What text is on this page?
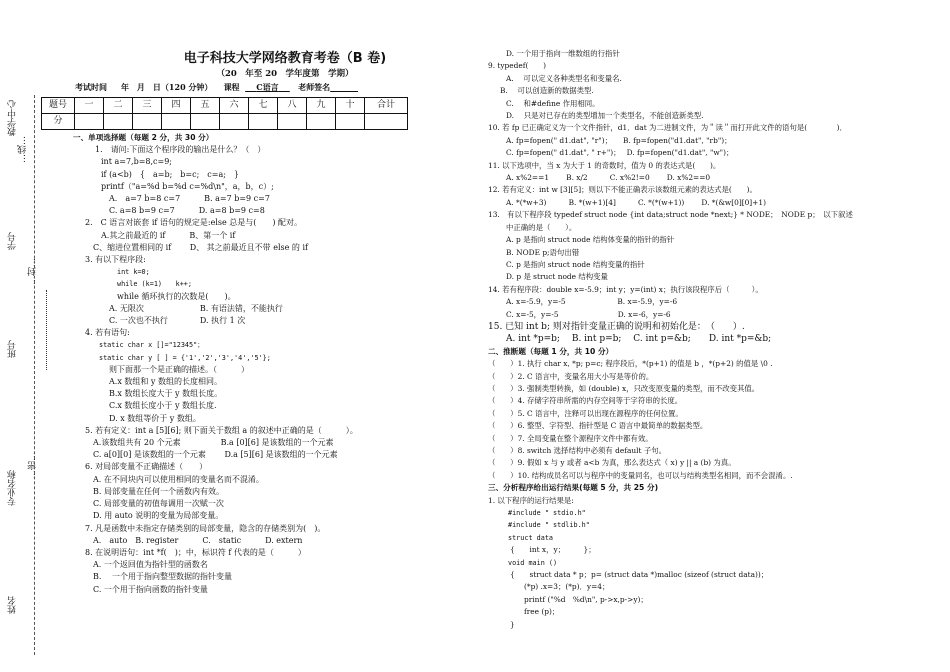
教学中心
…线…
学号
…封…
班号
…密…
专业名称
姓名
电子科技大学网络教育考卷（B 卷)
（20　年至 20　学年度第　学期）
考试时间 年　月　日（120 分钟） 课程 C语言 老师签名
题号	一	二	三	四	五	六	七	八	九	十	合计
分											
一、单项选择题（每题 2 分，共 30 分）
1.　请问:下面这个程序段的输出是什么？（　）
int a=7,b=8,c=9;
if (a<b)　{　a=b;　b=c;　c=a;　}
printf（"a=%d b=%d c=%d\n"，a，b，c）;
A． a=7 b=8 c=7　　　B. a=7 b=9 c=7
C. a=8 b=9 c=7　　　D. a=8 b=9 c=8
2.　C 语言对嵌套 if 语句的规定是:else 总是与(　　) 配对。
A.其之前最近的 if　　　B、第一个 if
C、缩进位置相同的 if　　 D、 其之前最近且不带 else 的 if
3. 有以下程序段:
int k=0;
while (k=1)　　k++;
while 循环执行的次数是(　　)。
A. 无限次　　　　　　　B. 有语法错，不能执行
C. 一次也不执行　　　　D. 执行 1 次
4. 若有语句:
static char x []="12345"；
static char y [ ] = {'1','2','3','4','5'};
则下面那一个是正确的描述。（　　　）
A.x 数组和 y 数组的长度相同。
B.x 数组长度大于 y 数组长度。
C.x 数组长度小于 y 数组长度.
D. x 数组等价于 y 数组。
5. 若有定义：int a [5][6]; 则下面关于数组 a 的叙述中正确的是（　　　）。
A.该数组共有 20 个元素　　　　　B.a [0][6] 是该数组的一个元素
C. a[0][0] 是该数组的一个元素　　 D.a [5][6] 是该数组的一个元素
6. 对局部变量不正确描述（　　）
A. 在不同块内可以使用相同的变量名而不混淆。
B. 局部变量在任何一个函数内有效。
C. 局部变量的初值每调用一次赋一次
D. 用 auto 说明的变量为局部变量。
7. 凡是函数中未指定存储类别的局部变量，隐含的存储类别为(　)。
A.　auto　B. register　　　C.　static　　　D. extern
8. 在说明语句：int *f(　)；中，标识符 f 代表的是（　　　）
A. 一个返回值为指针型的函数名
B.　 一个用于指向整型数据的指针变量
C. 一个用于指向函数的指针变量
D. 一个用于指向一维数组的行指针
9. typedef(　　)
A.　 可以定义各种类型名和变量名.
B.　 可以创造新的数据类型.
C.　 和#define 作用相同。
D.　 只是对已存在的类型增加一个类型名，不能创造新类型.
10. 若 fp 已正确定义为一个文件指针，d1．dat 为二进制文件，为＂读＂而打开此文件的语句是(　　　　)．
A. fp=fopen(" d1.dat", "r")；　　B. fp=fopen("d1.dat", "rb")；
C. fp=fopen(" d1.dat", " r+")；　 D. fp=fopen("d1.dat", "w")；
11. 以下选项中，当 x 为大于 1 的奇数时，值为 0 的表达式是(　　)。
A. x%2==1　　 B. x/2　　　C. x%2!=0　　 D. x%2==0
12. 若有定义：int w [3][5]；则以下不能正确表示该数组元素的表达式是(　　)。
A. *(*w+3)　　　B. *(w+1)[4]　　　C. *(*(w+1))　　 D. *(&w[0][0]+1)
13.　有以下程序段 typedef struct node {int data;struct node *next;} * NODE；　NODE p；　以下叙述
中正确的是（　　）。
A. p 是指向 struct node 结构体变量的指针的指针
B. NODE p;语句出错
C. p 是指向 struct node 结构变量的指针
D. p 是 struct node 结构变量
14. 若有程序段：double x=-5.9；int y；y=(int) x；执行该段程序后（　　　）。
A. x=-5.9，y=-5　　　　　　　B. x=-5.9，y=-6
C. x=-5，y=-5　　　　　　　　D. x=-6，y=-6
15. 已知 int b; 则对指针变量正确的说明和初始化是：　（　　）.
A. int *p=b;　 B. int p=b;　 C. int p=&b;　　D. int *p=&b;
二、推断题（每题 1 分，共 10 分）
（　　）1. 执行 char x, *p; p=c; 程序段后，*(p+1) 的值是 b ，*(p+2) 的值是 \0 .
（　　）2. C 语言中，变量名用大小写是等价的。
（　　）3. 强制类型转换，如 (double) x，只改变原变量的类型，而不改变其值。
（　　）4. 存储字符串所需的内存空间等于字符串的长度。
（　　）5. C 语言中，注释可以出现在源程序的任何位置。
（　　）6. 整型、字符型、指针型是 C 语言中最简单的数据类型。
（　　）7. 全局变量在整个源程序文件中都有效。
（　　）8. switch 选择结构中必须有 default 子句。
（　　）9. 假如 x 与 y 或者 a<b 为真，那么表达式（ x) y || a (b) 为真。
（　　）10. 结构成员名可以与程序中的变量同名，也可以与结构类型名相同，而不会混淆。.
三、分析程序给出运行结果(每题 5 分，共 25 分)
1. 以下程序的运行结果是:
#include " stdio.h"
#include " stdlib.h"
struct data
{　　int x，y；　　　}；
void main ()
{　　struct data * p；p= (struct data *)malloc (sizeof (struct data))；
(*p) .x=3；(*p)．y=4；
printf ("%d　%d\n", p->x,p->y)；
free (p)；
}
